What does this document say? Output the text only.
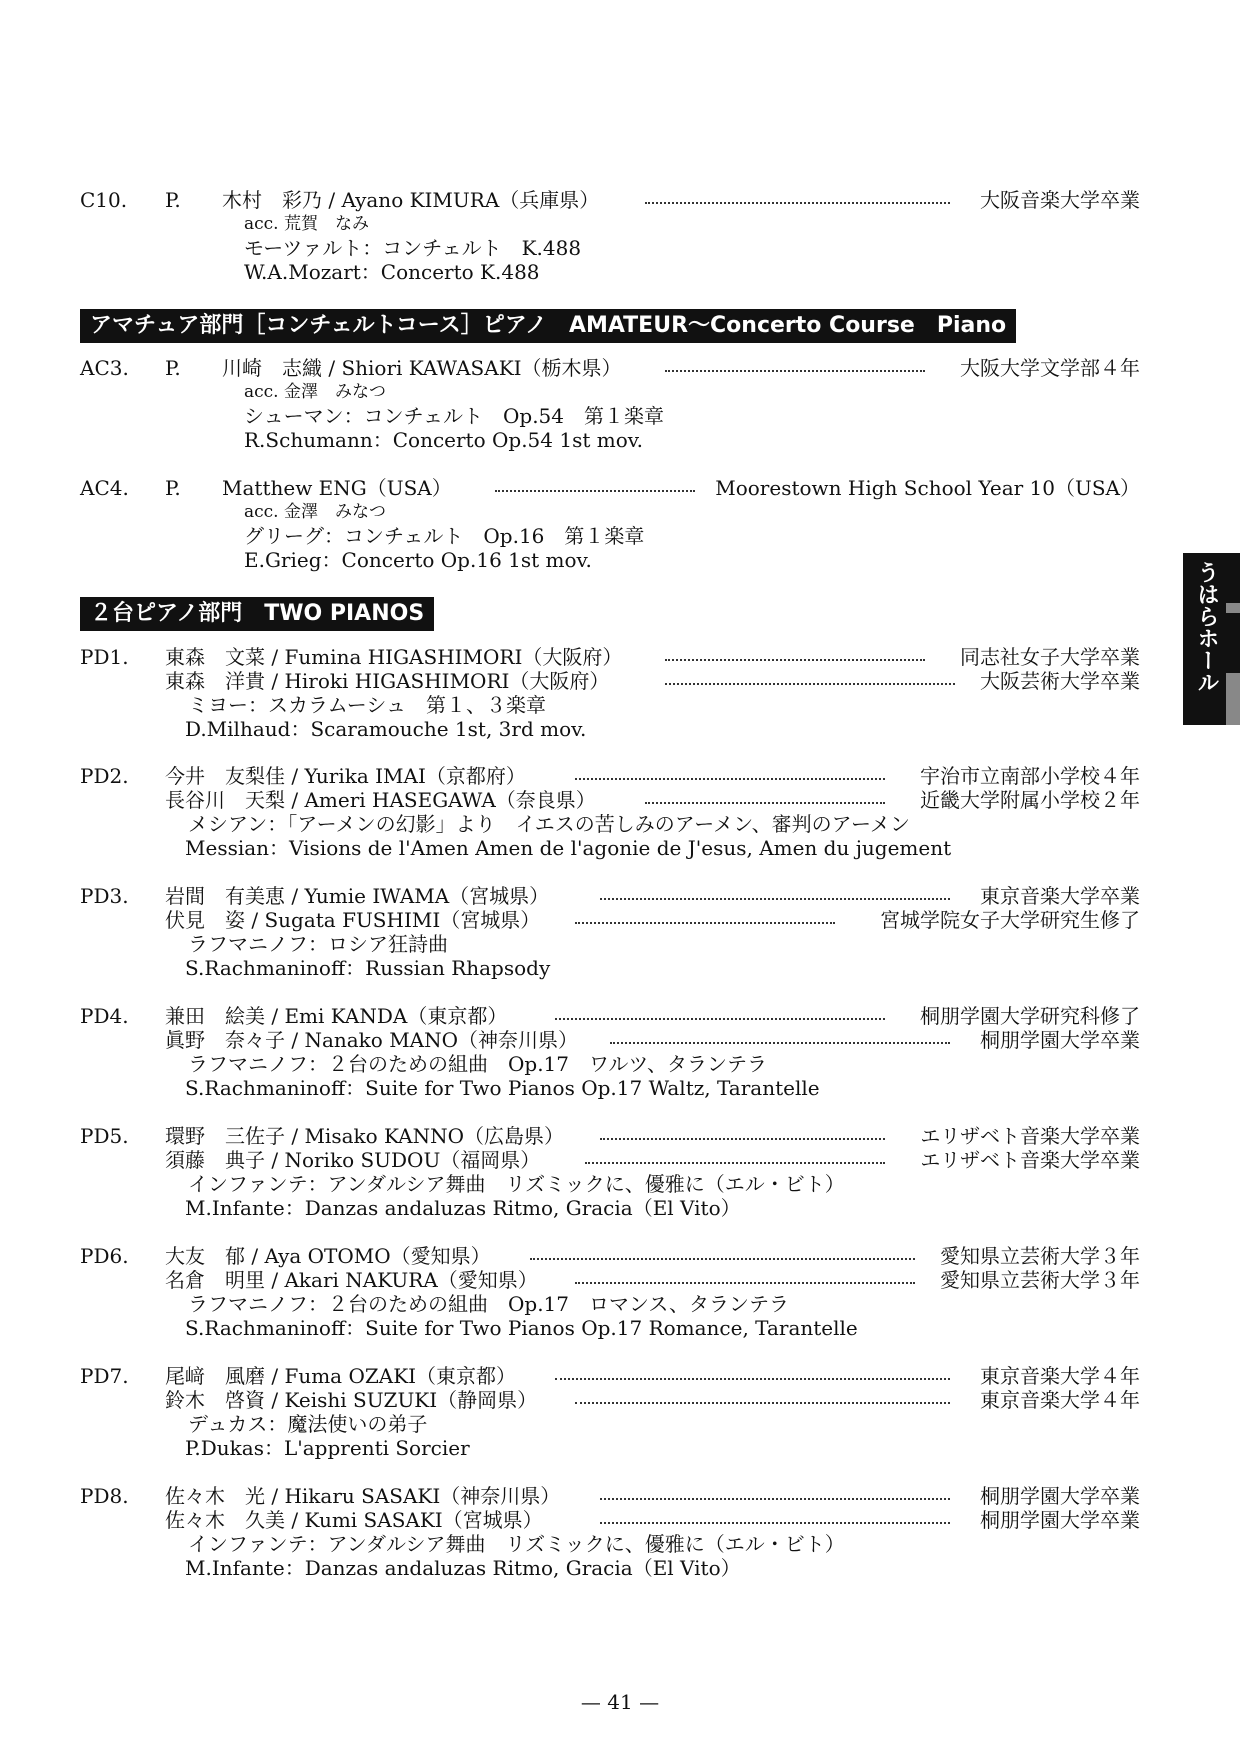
C10. P. 木村　彩乃 / Ayano KIMURA（兵庫県）	大阪音楽大学卒業
acc. 荒賀　なみ
モーツァルト：コンチェルト　K.488
W.A.Mozart：Concerto K.488
アマチュア部門［コンチェルトコース］ピアノ　AMATEUR～Concerto Course　Piano
AC3. P. 川崎　志織 / Shiori KAWASAKI（栃木県）	大阪大学文学部４年
acc. 金澤　みなつ
シューマン：コンチェルト　Op.54　第１楽章
R.Schumann：Concerto Op.54 1st mov.
AC4. P. Matthew ENG（USA）	Moorestown High School Year 10（USA）
acc. 金澤　みなつ
グリーグ：コンチェルト　Op.16　第１楽章
E.Grieg：Concerto Op.16 1st mov.
２台ピアノ部門　TWO PIANOS
PD1. 東森　文菜 / Fumina HIGASHIMORI（大阪府）	同志社女子大学卒業
東森　洋貴 / Hiroki HIGASHIMORI（大阪府）	大阪芸術大学卒業
ミヨー：スカラムーシュ　第１、３楽章
D.Milhaud：Scaramouche 1st, 3rd mov.
PD2. 今井　友梨佳 / Yurika IMAI（京都府）	宇治市立南部小学校４年
長谷川　天梨 / Ameri HASEGAWA（奈良県）	近畿大学附属小学校２年
メシアン：「アーメンの幻影」より　イエスの苦しみのアーメン、審判のアーメン
Messian：Visions de l'Amen Amen de l'agonie de J'esus, Amen du jugement
PD3. 岩間　有美恵 / Yumie IWAMA（宮城県）	東京音楽大学卒業
伏見　姿 / Sugata FUSHIMI（宮城県）	宮城学院女子大学研究生修了
ラフマニノフ：ロシア狂詩曲
S.Rachmaninoff：Russian Rhapsody
PD4. 兼田　絵美 / Emi KANDA（東京都）	桐朋学園大学研究科修了
眞野　奈々子 / Nanako MANO（神奈川県）	桐朋学園大学卒業
ラフマニノフ：２台のための組曲　Op.17　ワルツ、タランテラ
S.Rachmaninoff：Suite for Two Pianos Op.17 Waltz, Tarantelle
PD5. 環野　三佐子 / Misako KANNO（広島県）	エリザベト音楽大学卒業
須藤　典子 / Noriko SUDOU（福岡県）	エリザベト音楽大学卒業
インファンテ：アンダルシア舞曲　リズミックに、優雅に（エル・ビト）
M.Infante：Danzas andaluzas Ritmo, Gracia（El Vito）
PD6. 大友　郁 / Aya OTOMO（愛知県）	愛知県立芸術大学３年
名倉　明里 / Akari NAKURA（愛知県）	愛知県立芸術大学３年
ラフマニノフ：２台のための組曲　Op.17　ロマンス、タランテラ
S.Rachmaninoff：Suite for Two Pianos Op.17 Romance, Tarantelle
PD7. 尾﨑　風磨 / Fuma OZAKI（東京都）	東京音楽大学４年
鈴木　啓資 / Keishi SUZUKI（静岡県）	東京音楽大学４年
デュカス：魔法使いの弟子
P.Dukas：L'apprenti Sorcier
PD8. 佐々木　光 / Hikaru SASAKI（神奈川県）	桐朋学園大学卒業
佐々木　久美 / Kumi SASAKI（宮城県）	桐朋学園大学卒業
インファンテ：アンダルシア舞曲　リズミックに、優雅に（エル・ビト）
M.Infante：Danzas andaluzas Ritmo, Gracia（El Vito）
うはらホール
— 41 —
